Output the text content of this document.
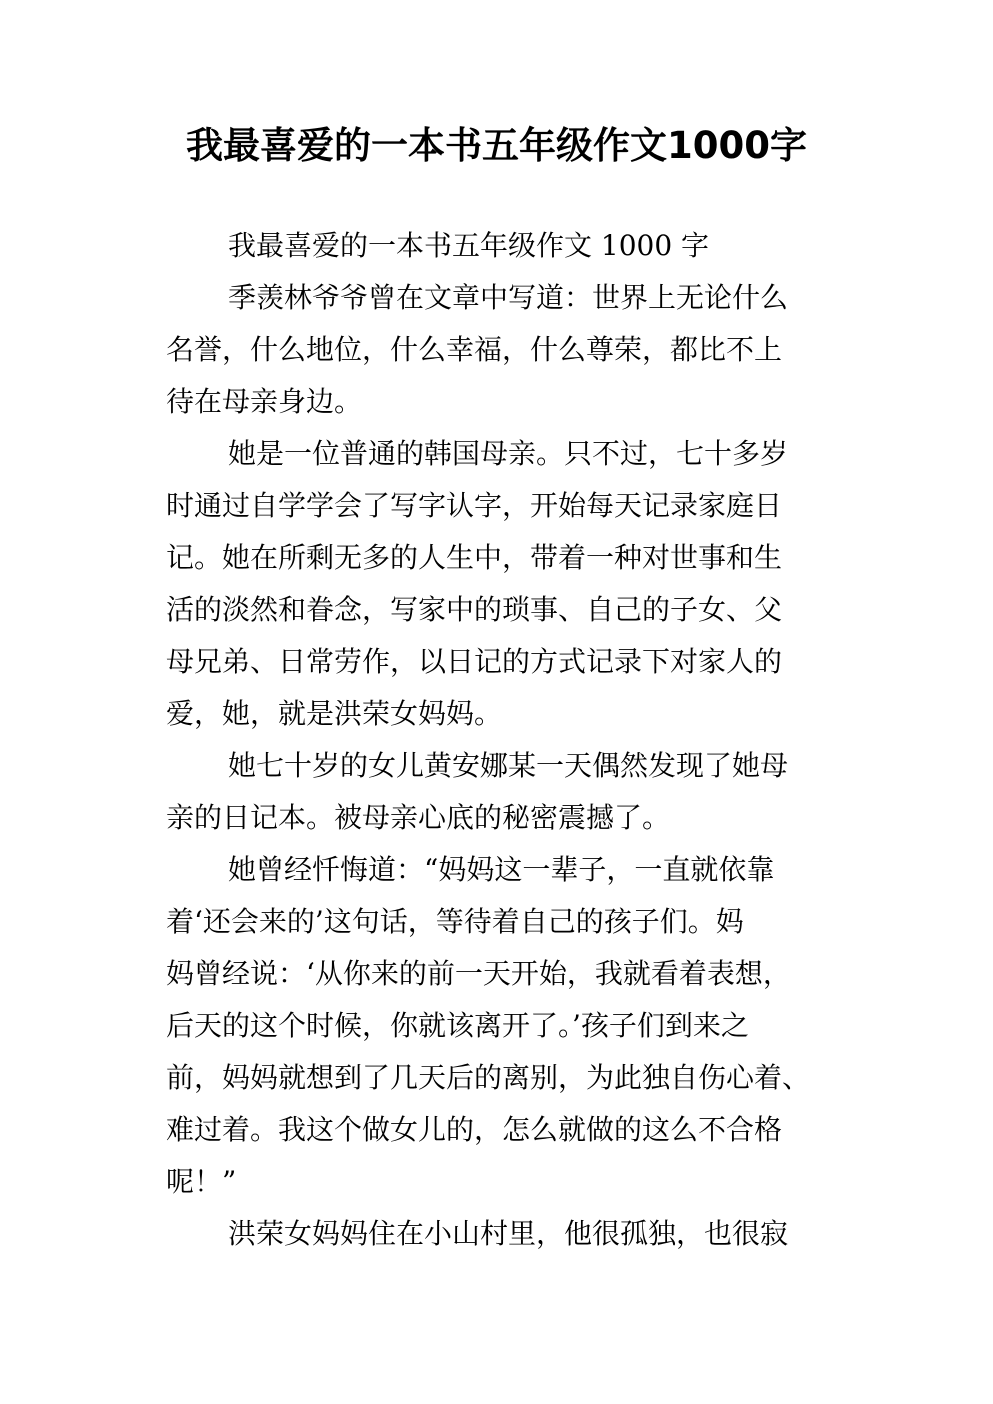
我最喜爱的一本书五年级作文1000字
我最喜爱的一本书五年级作文 1000 字
季羡林爷爷曾在文章中写道：世界上无论什么
名誉，什么地位，什么幸福，什么尊荣，都比不上
待在母亲身边。
她是一位普通的韩国母亲。只不过，七十多岁
时通过自学学会了写字认字，开始每天记录家庭日
记。她在所剩无多的人生中，带着一种对世事和生
活的淡然和眷念，写家中的琐事、自己的子女、父
母兄弟、日常劳作，以日记的方式记录下对家人的
爱，她，就是洪荣女妈妈。
她七十岁的女儿黄安娜某一天偶然发现了她母
亲的日记本。被母亲心底的秘密震撼了。
她曾经忏悔道：“妈妈这一辈子，一直就依靠
着‘还会来的’这句话，等待着自己的孩子们。妈
妈曾经说：‘从你来的前一天开始，我就看着表想，
后天的这个时候，你就该离开了。’孩子们到来之
前，妈妈就想到了几天后的离别，为此独自伤心着、
难过着。我这个做女儿的，怎么就做的这么不合格
呢！”
洪荣女妈妈住在小山村里，他很孤独，也很寂
